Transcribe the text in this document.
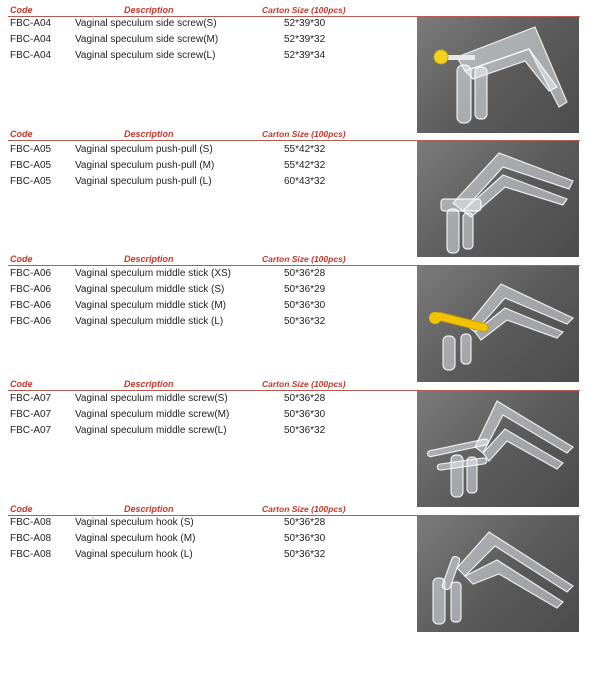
Code	Description	Carton Size (100pcs)
FBC-A04 Vaginal speculum side screw(S)	52*39*30
FBC-A04 Vaginal speculum side screw(M)	52*39*32
FBC-A04 Vaginal speculum side screw(L)	52*39*34
Code	Description	Carton Size (100pcs)
FBC-A05 Vaginal speculum push-pull (S)	55*42*32
FBC-A05 Vaginal speculum push-pull (M)	55*42*32
FBC-A05 Vaginal speculum push-pull (L)	60*43*32
Code	Description	Carton Size (100pcs)
FBC-A06 Vaginal speculum middle stick (XS)	50*36*28
FBC-A06 Vaginal speculum middle stick (S)	50*36*29
FBC-A06 Vaginal speculum middle stick (M)	50*36*30
FBC-A06 Vaginal speculum middle stick (L)	50*36*32
Code	Description	Carton Size (100pcs)
FBC-A07 Vaginal speculum middle screw(S)	50*36*28
FBC-A07 Vaginal speculum middle screw(M)	50*36*30
FBC-A07 Vaginal speculum middle screw(L)	50*36*32
Code	Description	Carton Size (100pcs)
FBC-A08 Vaginal speculum hook (S)	50*36*28
FBC-A08 Vaginal speculum hook (M)	50*36*30
FBC-A08 Vaginal speculum hook (L)	50*36*32
